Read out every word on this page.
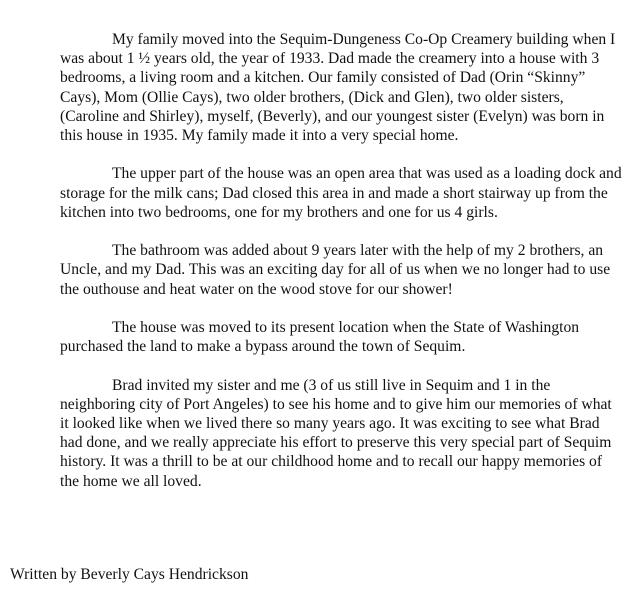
My family moved into the Sequim-Dungeness Co-Op Creamery building when I
was about 1 ½ years old, the year of 1933. Dad made the creamery into a house with 3
bedrooms, a living room and a kitchen. Our family consisted of Dad (Orin “Skinny”
Cays), Mom (Ollie Cays), two older brothers, (Dick and Glen), two older sisters,
(Caroline and Shirley), myself, (Beverly), and our youngest sister (Evelyn) was born in
this house in 1935. My family made it into a very special home.
The upper part of the house was an open area that was used as a loading dock and
storage for the milk cans; Dad closed this area in and made a short stairway up from the
kitchen into two bedrooms, one for my brothers and one for us 4 girls.
The bathroom was added about 9 years later with the help of my 2 brothers, an
Uncle, and my Dad. This was an exciting day for all of us when we no longer had to use
the outhouse and heat water on the wood stove for our shower!
The house was moved to its present location when the State of Washington
purchased the land to make a bypass around the town of Sequim.
Brad invited my sister and me (3 of us still live in Sequim and 1 in the
neighboring city of Port Angeles) to see his home and to give him our memories of what
it looked like when we lived there so many years ago. It was exciting to see what Brad
had done, and we really appreciate his effort to preserve this very special part of Sequim
history. It was a thrill to be at our childhood home and to recall our happy memories of
the home we all loved.
Written by Beverly Cays Hendrickson
